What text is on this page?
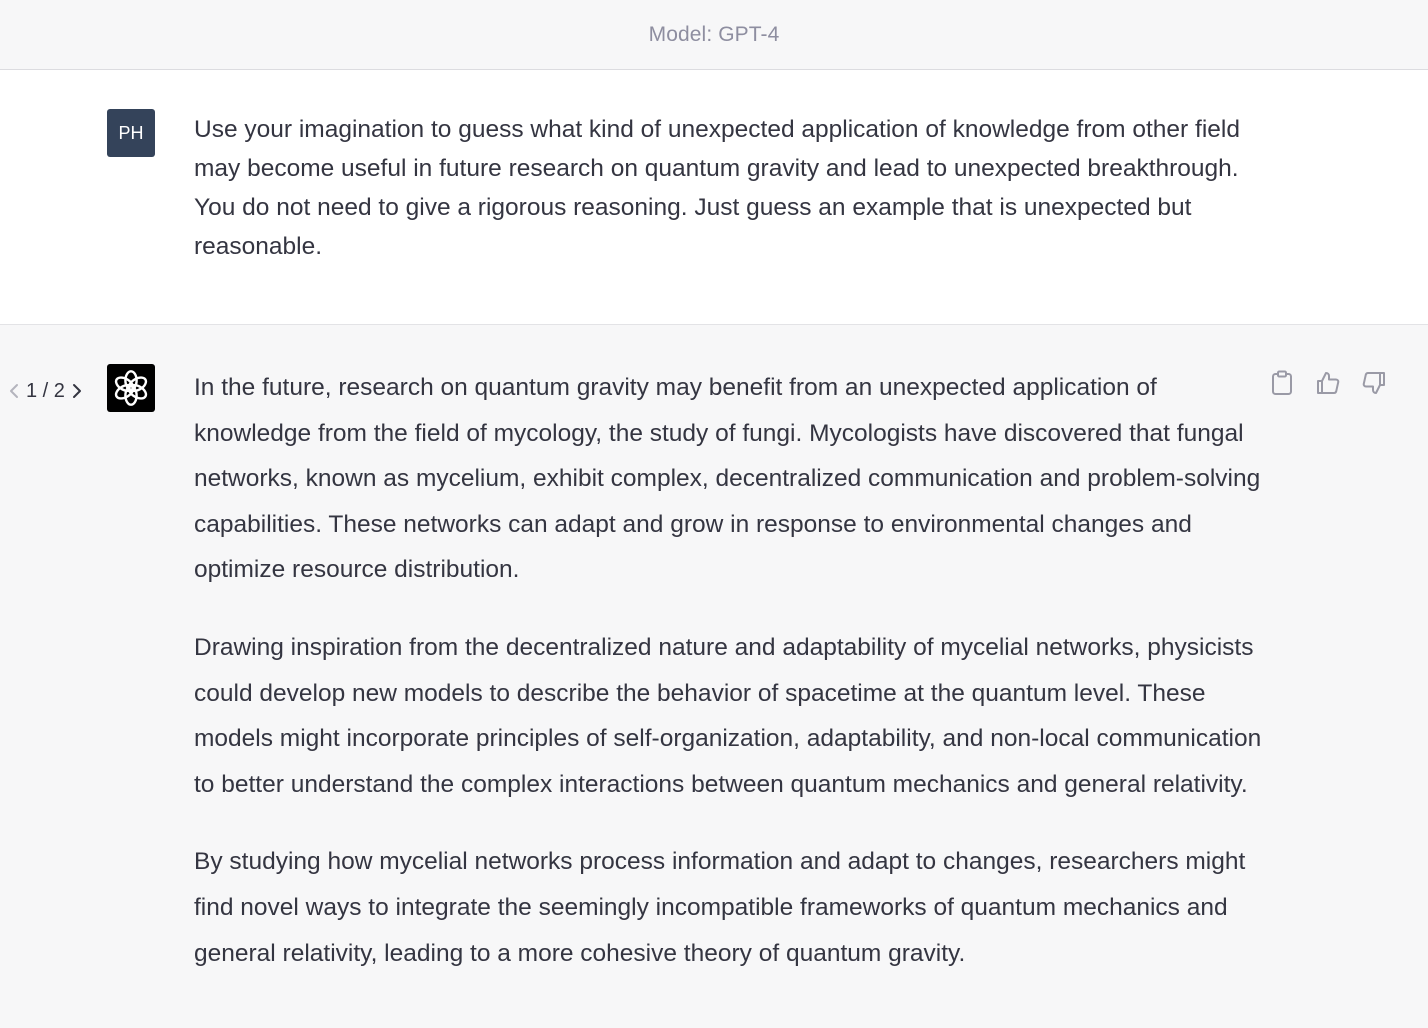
Model: GPT-4
PH Use your imagination to guess what kind of unexpected application of knowledge from other field may become useful in future research on quantum gravity and lead to unexpected breakthrough. You do not need to give a rigorous reasoning. Just guess an example that is unexpected but reasonable.
1 / 2	In the future, research on quantum gravity may benefit from an unexpected application of knowledge from the field of mycology, the study of fungi. Mycologists have discovered that fungal networks, known as mycelium, exhibit complex, decentralized communication and problem-solving capabilities. These networks can adapt and grow in response to environmental changes and optimize resource distribution.

Drawing inspiration from the decentralized nature and adaptability of mycelial networks, physicists could develop new models to describe the behavior of spacetime at the quantum level. These models might incorporate principles of self-organization, adaptability, and non-local communication to better understand the complex interactions between quantum mechanics and general relativity.

By studying how mycelial networks process information and adapt to changes, researchers might find novel ways to integrate the seemingly incompatible frameworks of quantum mechanics and general relativity, leading to a more cohesive theory of quantum gravity.
